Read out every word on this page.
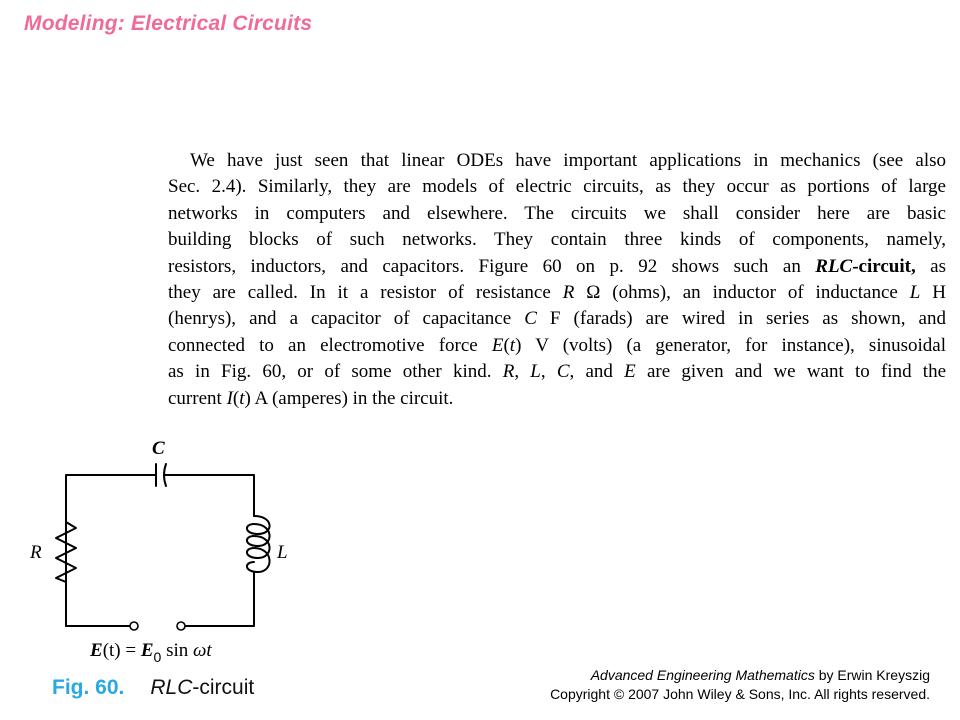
Modeling: Electrical Circuits
We have just seen that linear ODEs have important applications in mechanics (see also
Sec. 2.4). Similarly, they are models of electric circuits, as they occur as portions of large
networks in computers and elsewhere. The circuits we shall consider here are basic
building blocks of such networks. They contain three kinds of components, namely,
resistors, inductors, and capacitors. Figure 60 on p. 92 shows such an RLC-circuit, as
they are called. In it a resistor of resistance R Ω (ohms), an inductor of inductance L H
(henrys), and a capacitor of capacitance C F (farads) are wired in series as shown, and
connected to an electromotive force E(t) V (volts) (a generator, for instance), sinusoidal
as in Fig. 60, or of some other kind. R, L, C, and E are given and we want to find the
current I(t) A (amperes) in the circuit.
C
R	L
$E(t) = E_0$ sin ωt
Fig. 60. RLC-circuit
Advanced Engineering Mathematics by Erwin Kreyszig
Copyright © 2007 John Wiley & Sons, Inc. All rights reserved.
